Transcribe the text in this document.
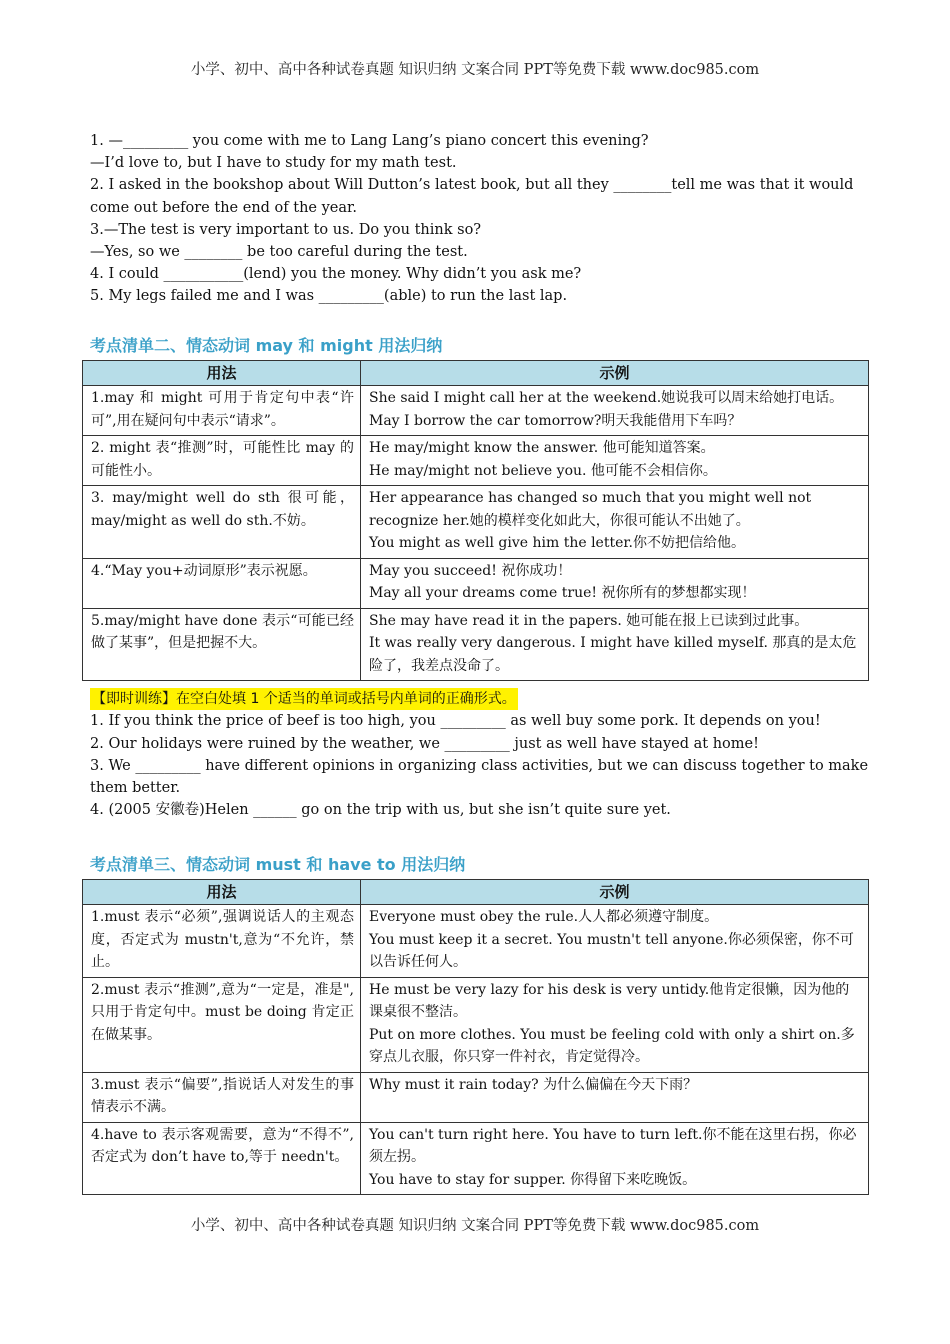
小学、初中、高中各种试卷真题 知识归纳 文案合同 PPT等免费下载 www.doc985.com
1. —_________ you come with me to Lang Lang’s piano concert this evening?
—I’d love to, but I have to study for my math test.
2. I asked in the bookshop about Will Dutton’s latest book, but all they ________tell me was that it would come out before the end of the year.
3.—The test is very important to us. Do you think so?
—Yes, so we ________ be too careful during the test.
4. I could ___________(lend) you the money. Why didn’t you ask me?
5. My legs failed me and I was _________(able) to run the last lap.
考点清单二、情态动词 may 和 might 用法归纳
用法	示例
1.may 和 might 可用于肯定句中表“许可”,用在疑问句中表示“请求”。	She said I might call her at the weekend.她说我可以周末给她打电话。

May I borrow the car tomorrow?明天我能借用下车吗？

2. might 表“推测”时，可能性比 may 的可能性小。	He may/might know the answer. 他可能知道答案。

He may/might not believe you. 他可能不会相信你。

3. may/might well do sth 很可能，may/might as well do sth.不妨。	Her appearance has changed so much that you might well not recognize her.她的模样变化如此大，你很可能认不出她了。

You might as well give him the letter.你不妨把信给他。

4.“May you+动词原形”表示祝愿。	May you succeed! 祝你成功！

May all your dreams come true! 祝你所有的梦想都实现！

5.may/might have done 表示“可能已经做了某事”，但是把握不大。	She may have read it in the papers. 她可能在报上已读到过此事。

It was really very dangerous. I might have killed myself. 那真的是太危险了，我差点没命了。

【即时训练】在空白处填 1 个适当的单词或括号内单词的正确形式。
1. If you think the price of beef is too high, you _________ as well buy some pork. It depends on you!
2. Our holidays were ruined by the weather, we _________ just as well have stayed at home!
3. We _________ have different opinions in organizing class activities, but we can discuss together to make them better.
4. (2005 安徽卷)Helen ______ go on the trip with us, but she isn’t quite sure yet.
考点清单三、情态动词 must 和 have to 用法归纳
用法	示例
1.must 表示“必须”,强调说话人的主观态度，否定式为 mustn't,意为“不允许，禁止。	Everyone must obey the rule.人人都必须遵守制度。

You must keep it a secret. You mustn't tell anyone.你必须保密，你不可以告诉任何人。

2.must 表示“推测”,意为“一定是，准是",只用于肯定句中。must be doing 肯定正在做某事。	He must be very lazy for his desk is very untidy.他肯定很懒，因为他的课桌很不整洁。

Put on more clothes. You must be feeling cold with only a shirt on.多穿点儿衣服，你只穿一件衬衣，肯定觉得冷。

3.must 表示“偏要”,指说话人对发生的事情表示不满。	Why must it rain today? 为什么偏偏在今天下雨？

4.have to 表示客观需要，意为“不得不”,否定式为 don’t have to,等于 needn't。	You can't turn right here. You have to turn left.你不能在这里右拐，你必须左拐。

You have to stay for supper. 你得留下来吃晚饭。

小学、初中、高中各种试卷真题 知识归纳 文案合同 PPT等免费下载 www.doc985.com
